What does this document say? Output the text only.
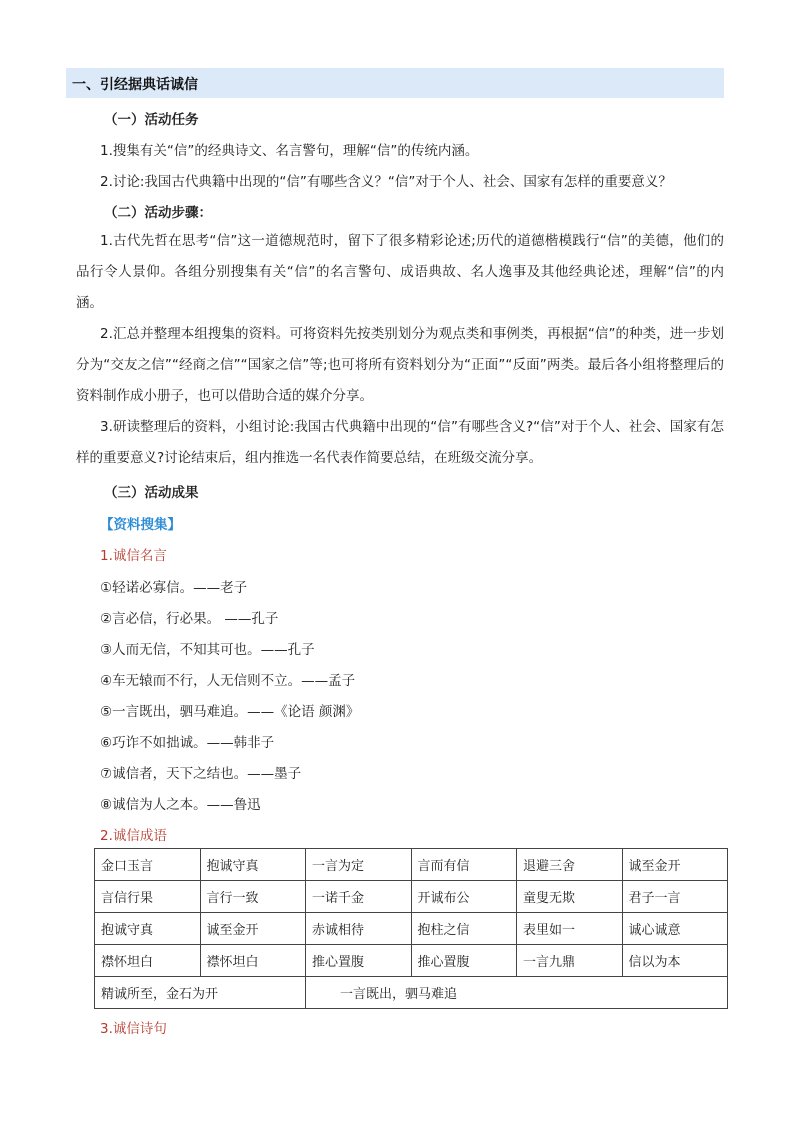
一、引经据典话诚信
（一）活动任务
1.搜集有关“信”的经典诗文、名言警句，理解“信”的传统内涵。
2.讨论:我国古代典籍中出现的“信”有哪些含义？“信”对于个人、社会、国家有怎样的重要意义？
（二）活动步骤：
1.古代先哲在思考“信”这一道德规范时，留下了很多精彩论述;历代的道德楷模践行“信”的美德，他们的品行令人景仰。各组分别搜集有关“信”的名言警句、成语典故、名人逸事及其他经典论述，理解“信”的内涵。
2.汇总并整理本组搜集的资料。可将资料先按类别划分为观点类和事例类，再根据“信”的种类，进一步划分为“交友之信”“经商之信”“国家之信”等;也可将所有资料划分为“正面”“反面”两类。最后各小组将整理后的资料制作成小册子，也可以借助合适的媒介分享。
3.研读整理后的资料，小组讨论:我国古代典籍中出现的“信”有哪些含义?“信”对于个人、社会、国家有怎样的重要意义?讨论结束后，组内推选一名代表作简要总结，在班级交流分享。
（三）活动成果
【资料搜集】
1.诚信名言
①轻诺必寡信。——老子
②言必信，行必果。 ——孔子
③人而无信，不知其可也。——孔子
④车无辕而不行，人无信则不立。——孟子
⑤一言既出，驷马难追。——《论语 颜渊》
⑥巧诈不如拙诚。——韩非子
⑦诚信者，天下之结也。——墨子
⑧诚信为人之本。——鲁迅
2.诚信成语
金口玉言	抱诚守真	一言为定	言而有信	退避三舍	诚至金开
言信行果	言行一致	一诺千金	开诚布公	童叟无欺	君子一言
抱诚守真	诚至金开	赤诚相待	抱柱之信	表里如一	诚心诚意
襟怀坦白	襟怀坦白	推心置腹	推心置腹	一言九鼎	信以为本
精诚所至，金石为开		一言既出，驷马难追			
3.诚信诗句
